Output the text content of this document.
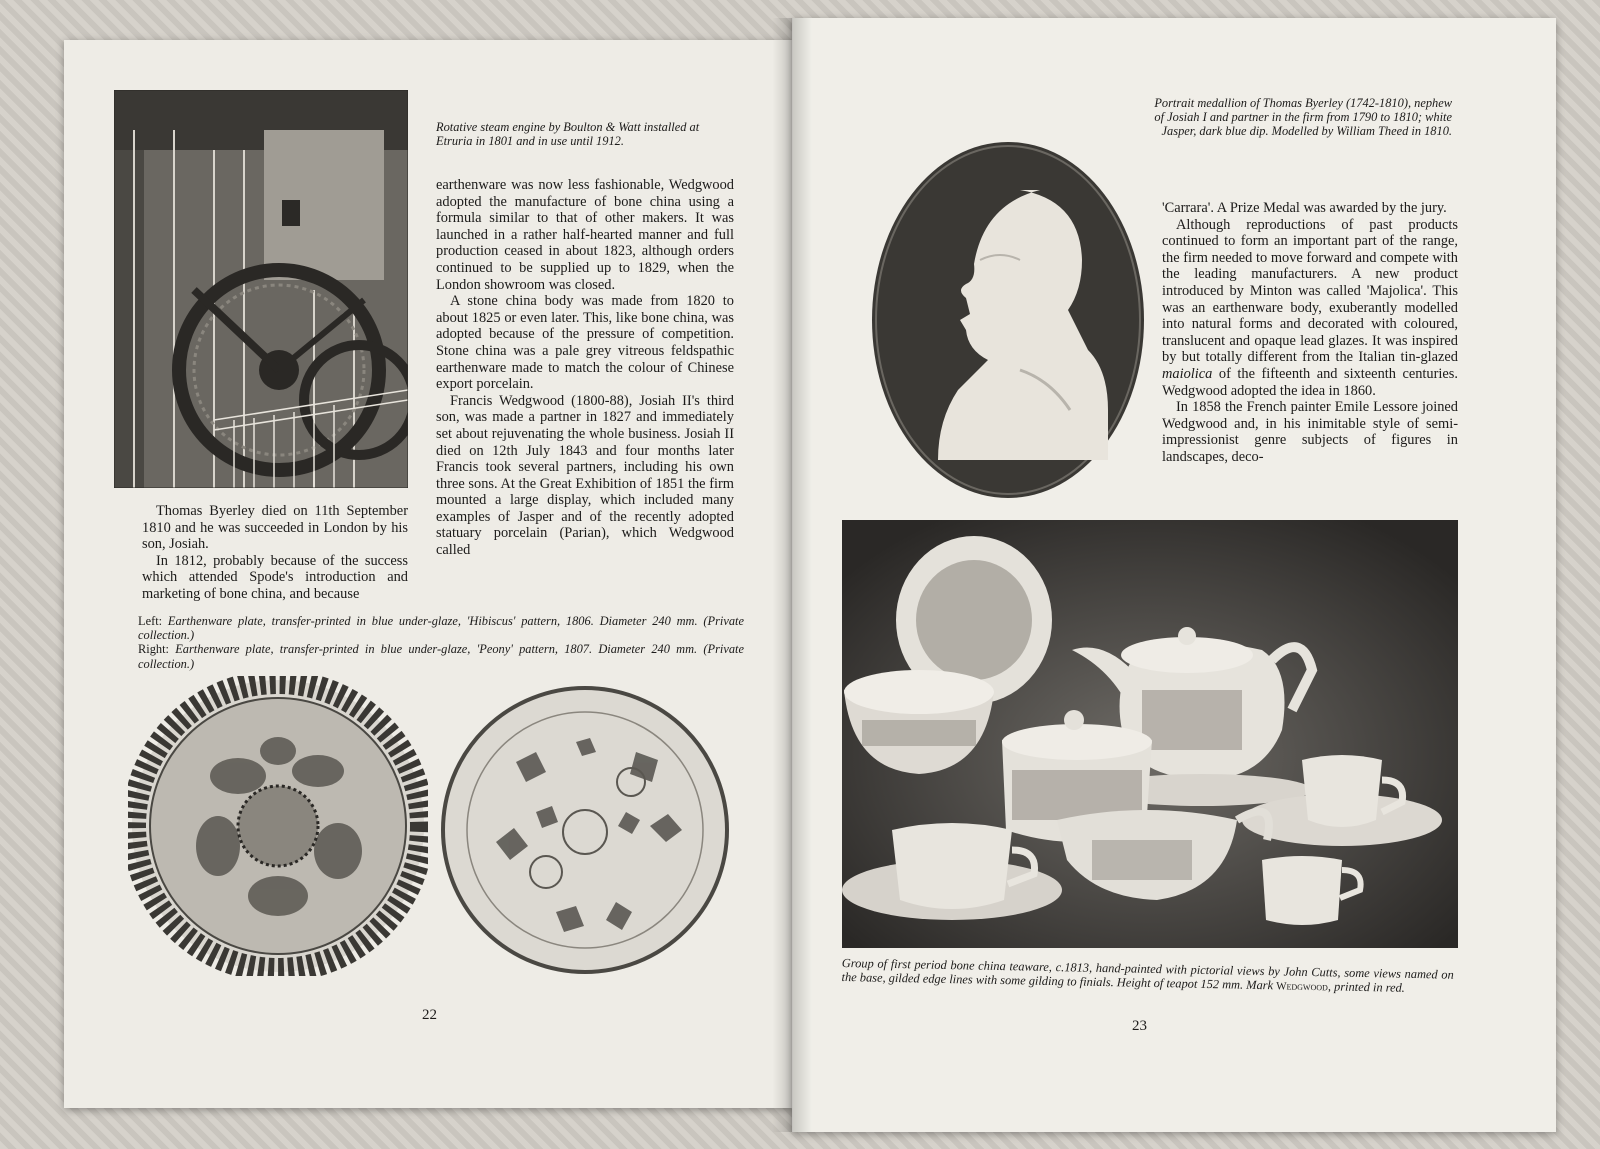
Rotative steam engine by Boulton & Watt installed at Etruria in 1801 and in use until 1912.

Thomas Byerley died on 11th September 1810 and he was succeeded in London by his son, Josiah.

In 1812, probably because of the success which attended Spode's introduction and marketing of bone china, and because

earthenware was now less fashionable, Wedgwood adopted the manufacture of bone china using a formula similar to that of other makers. It was launched in a rather half-hearted manner and full production ceased in about 1823, although orders continued to be supplied up to 1829, when the London showroom was closed.

A stone china body was made from 1820 to about 1825 or even later. This, like bone china, was adopted because of the pressure of competition. Stone china was a pale grey vitreous feldspathic earthenware made to match the colour of Chinese export porcelain.

Francis Wedgwood (1800-88), Josiah II's third son, was made a partner in 1827 and immediately set about rejuvenating the whole business. Josiah II died on 12th July 1843 and four months later Francis took several partners, including his own three sons. At the Great Exhibition of 1851 the firm mounted a large display, which included many examples of Jasper and of the recently adopted statuary porcelain (Parian), which Wedgwood called

Left: Earthenware plate, transfer-printed in blue under-glaze, 'Hibiscus' pattern, 1806. Diameter 240 mm. (Private collection.)

Right: Earthenware plate, transfer-printed in blue under-glaze, 'Peony' pattern, 1807. Diameter 240 mm. (Private collection.)

22

Portrait medallion of Thomas Byerley (1742-1810), nephew of Josiah I and partner in the firm from 1790 to 1810; white Jasper, dark blue dip. Modelled by William Theed in 1810.

'Carrara'. A Prize Medal was awarded by the jury.

Although reproductions of past products continued to form an important part of the range, the firm needed to move forward and compete with the leading manufacturers. A new product introduced by Minton was called 'Majolica'. This was an earthenware body, exuberantly modelled into natural forms and decorated with coloured, translucent and opaque lead glazes. It was inspired by but totally different from the Italian tin-glazed maiolica of the fifteenth and sixteenth centuries. Wedgwood adopted the idea in 1860.

In 1858 the French painter Emile Lessore joined Wedgwood and, in his inimitable style of semi-impressionist genre subjects of figures in landscapes, deco-

Group of first period bone china teaware, c.1813, hand-painted with pictorial views by John Cutts, some views named on the base, gilded edge lines with some gilding to finials. Height of teapot 152 mm. Mark Wedgwood, printed in red.

23
